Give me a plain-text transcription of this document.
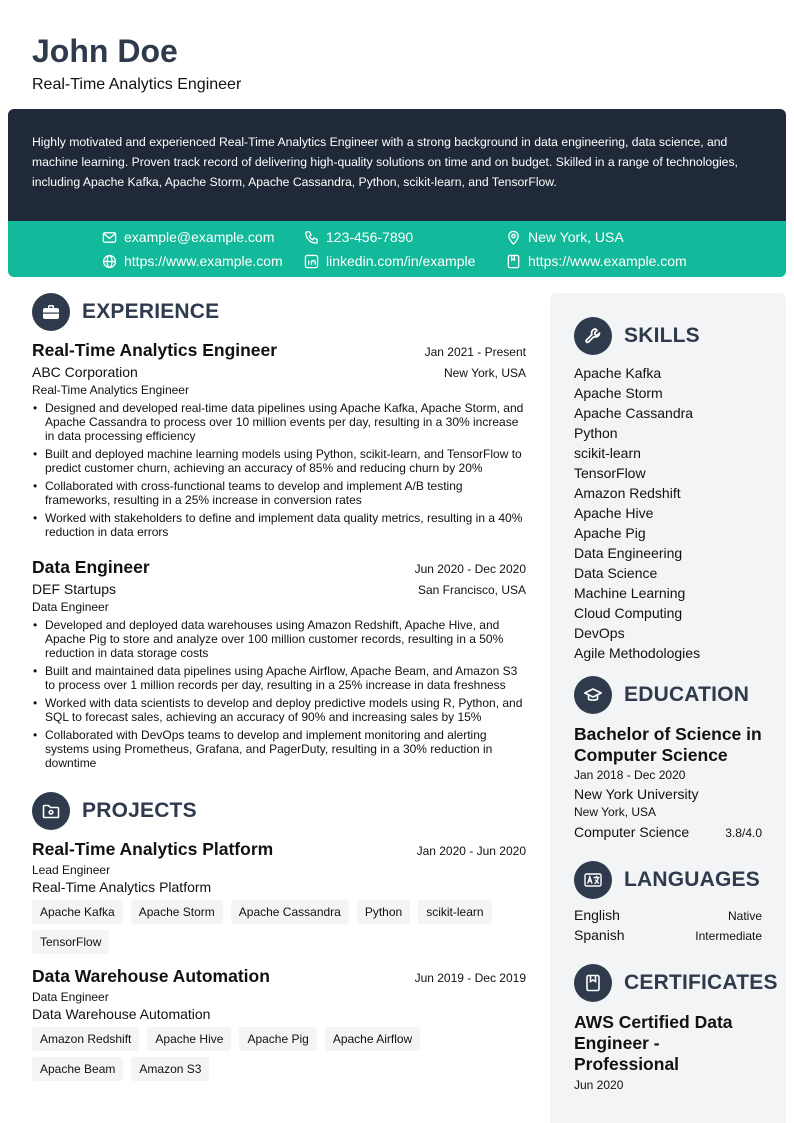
John Doe
Real-Time Analytics Engineer

Highly motivated and experienced Real-Time Analytics Engineer with a strong background in data engineering, data science, and machine learning. Proven track record of delivering high-quality solutions on time and on budget. Skilled in a range of technologies, including Apache Kafka, Apache Storm, Apache Cassandra, Python, scikit-learn, and TensorFlow.

example@example.com	123-456-7890	New York, USA
https://www.example.com	linkedin.com/in/example	https://www.example.com
EXPERIENCE
Real-Time Analytics Engineer	Jan 2021 - Present
ABC Corporation	New York, USA
Real-Time Analytics Engineer
• Designed and developed real-time data pipelines using Apache Kafka, Apache Storm, and Apache Cassandra to process over 10 million events per day, resulting in a 30% increase in data processing efficiency
• Built and deployed machine learning models using Python, scikit-learn, and TensorFlow to predict customer churn, achieving an accuracy of 85% and reducing churn by 20%
• Collaborated with cross-functional teams to develop and implement A/B testing frameworks, resulting in a 25% increase in conversion rates
• Worked with stakeholders to define and implement data quality metrics, resulting in a 40% reduction in data errors
Data Engineer	Jun 2020 - Dec 2020
DEF Startups	San Francisco, USA
Data Engineer
• Developed and deployed data warehouses using Amazon Redshift, Apache Hive, and Apache Pig to store and analyze over 100 million customer records, resulting in a 50% reduction in data storage costs
• Built and maintained data pipelines using Apache Airflow, Apache Beam, and Amazon S3 to process over 1 million records per day, resulting in a 25% increase in data freshness
• Worked with data scientists to develop and deploy predictive models using R, Python, and SQL to forecast sales, achieving an accuracy of 90% and increasing sales by 15%
• Collaborated with DevOps teams to develop and implement monitoring and alerting systems using Prometheus, Grafana, and PagerDuty, resulting in a 30% reduction in downtime
PROJECTS
Real-Time Analytics Platform	Jan 2020 - Jun 2020
Lead Engineer
Real-Time Analytics Platform
Apache Kafka	Apache Storm	Apache Cassandra	Python	scikit-learn
TensorFlow
Data Warehouse Automation	Jun 2019 - Dec 2019
Data Engineer
Data Warehouse Automation
Amazon Redshift	Apache Hive	Apache Pig	Apache Airflow
Apache Beam	Amazon S3
SKILLS
Apache Kafka
Apache Storm
Apache Cassandra
Python
scikit-learn
TensorFlow
Amazon Redshift
Apache Hive
Apache Pig
Data Engineering
Data Science
Machine Learning
Cloud Computing
DevOps
Agile Methodologies
EDUCATION
Bachelor of Science in Computer Science
Jan 2018 - Dec 2020
New York University
New York, USA
Computer Science	3.8/4.0
LANGUAGES
English	Native
Spanish	Intermediate
CERTIFICATES
AWS Certified Data Engineer - Professional
Jun 2020
